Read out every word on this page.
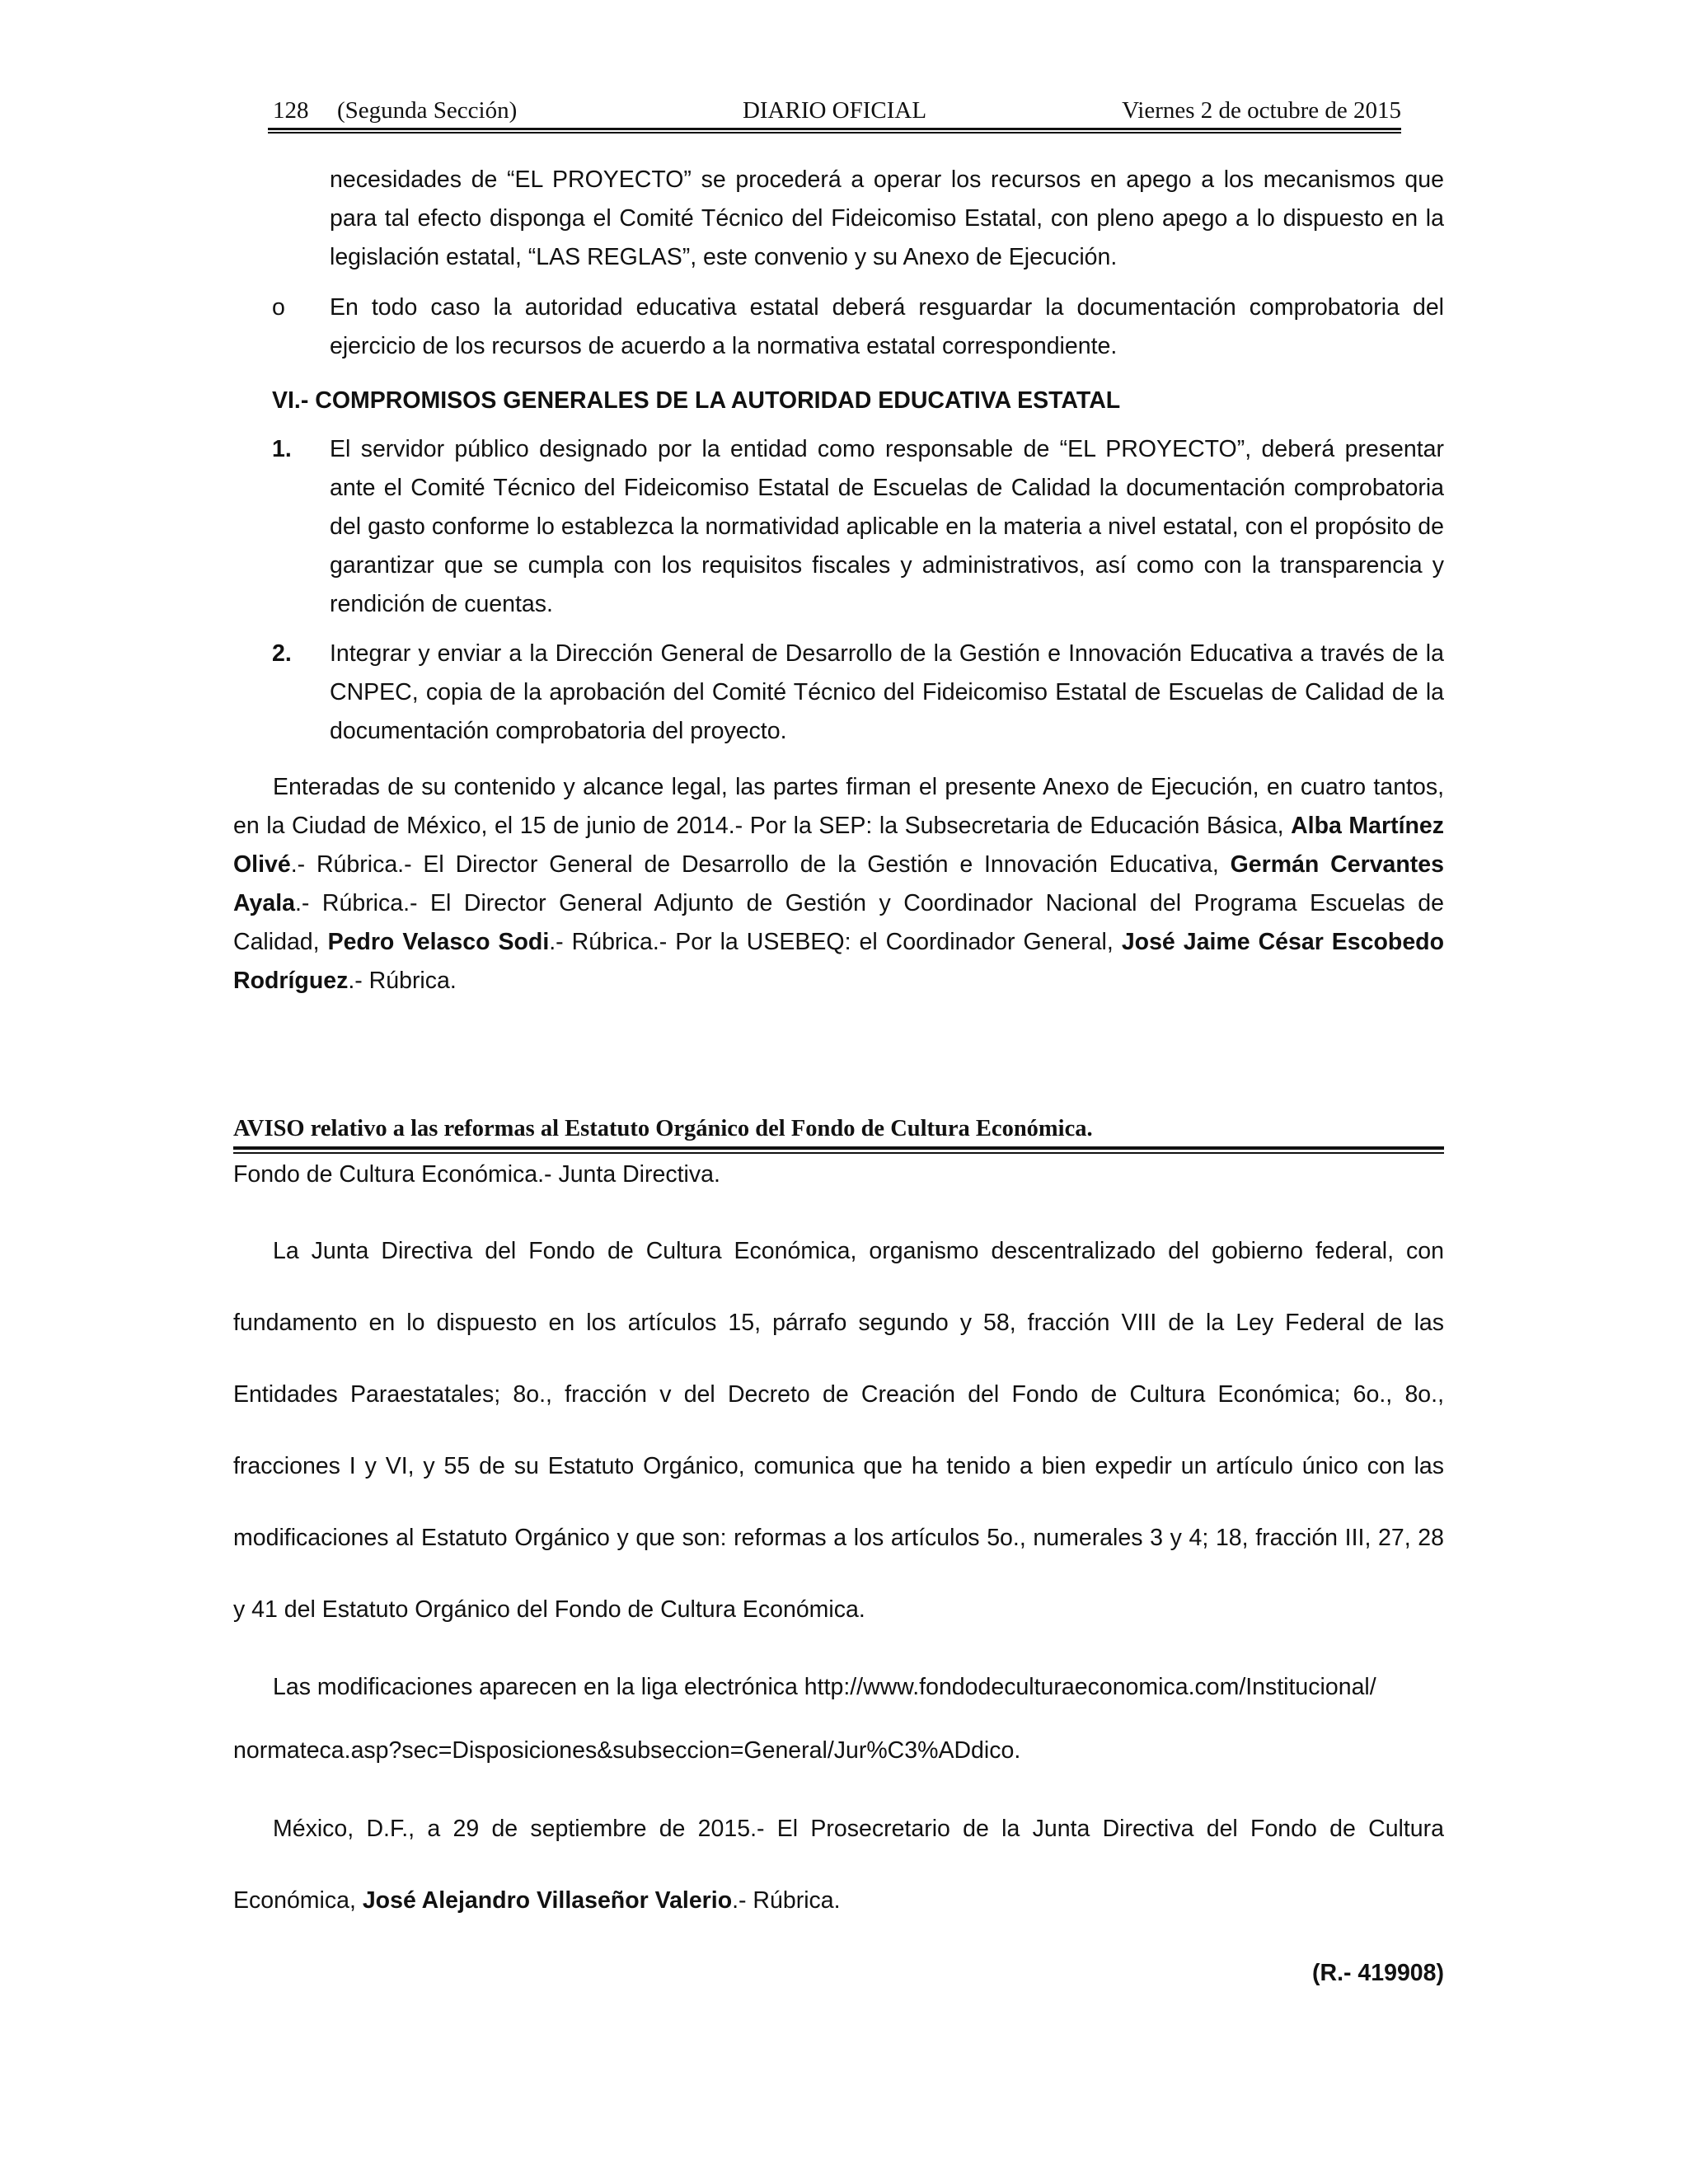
DIARIO OFICIAL
128 (Segunda Sección)	Viernes 2 de octubre de 2015

necesidades de “EL PROYECTO” se procederá a operar los recursos en apego a los mecanismos que para tal efecto disponga el Comité Técnico del Fideicomiso Estatal, con pleno apego a lo dispuesto en la legislación estatal, “LAS REGLAS”, este convenio y su Anexo de Ejecución.

o En todo caso la autoridad educativa estatal deberá resguardar la documentación comprobatoria del ejercicio de los recursos de acuerdo a la normativa estatal correspondiente.

VI.- COMPROMISOS GENERALES DE LA AUTORIDAD EDUCATIVA ESTATAL
1. El servidor público designado por la entidad como responsable de “EL PROYECTO”, deberá presentar ante el Comité Técnico del Fideicomiso Estatal de Escuelas de Calidad la documentación comprobatoria del gasto conforme lo establezca la normatividad aplicable en la materia a nivel estatal, con el propósito de garantizar que se cumpla con los requisitos fiscales y administrativos, así como con la transparencia y rendición de cuentas.

2. Integrar y enviar a la Dirección General de Desarrollo de la Gestión e Innovación Educativa a través de la CNPEC, copia de la aprobación del Comité Técnico del Fideicomiso Estatal de Escuelas de Calidad de la documentación comprobatoria del proyecto.

Enteradas de su contenido y alcance legal, las partes firman el presente Anexo de Ejecución, en cuatro tantos, en la Ciudad de México, el 15 de junio de 2014.- Por la SEP: la Subsecretaria de Educación Básica, Alba Martínez Olivé.- Rúbrica.- El Director General de Desarrollo de la Gestión e Innovación Educativa, Germán Cervantes Ayala.- Rúbrica.- El Director General Adjunto de Gestión y Coordinador Nacional del Programa Escuelas de Calidad, Pedro Velasco Sodi.- Rúbrica.- Por la USEBEQ: el Coordinador General, José Jaime César Escobedo Rodríguez.- Rúbrica.

AVISO relativo a las reformas al Estatuto Orgánico del Fondo de Cultura Económica.

Fondo de Cultura Económica.- Junta Directiva.

La Junta Directiva del Fondo de Cultura Económica, organismo descentralizado del gobierno federal, con fundamento en lo dispuesto en los artículos 15, párrafo segundo y 58, fracción VIII de la Ley Federal de las Entidades Paraestatales; 8o., fracción v del Decreto de Creación del Fondo de Cultura Económica; 6o., 8o., fracciones I y VI, y 55 de su Estatuto Orgánico, comunica que ha tenido a bien expedir un artículo único con las modificaciones al Estatuto Orgánico y que son: reformas a los artículos 5o., numerales 3 y 4; 18, fracción III, 27, 28 y 41 del Estatuto Orgánico del Fondo de Cultura Económica.

Las modificaciones aparecen en la liga electrónica http://www.fondodeculturaeconomica.com/Institucional/

normateca.asp?sec=Disposiciones&subseccion=General/Jur%C3%ADdico.

México, D.F., a 29 de septiembre de 2015.- El Prosecretario de la Junta Directiva del Fondo de Cultura Económica, José Alejandro Villaseñor Valerio.- Rúbrica.

(R.- 419908)
